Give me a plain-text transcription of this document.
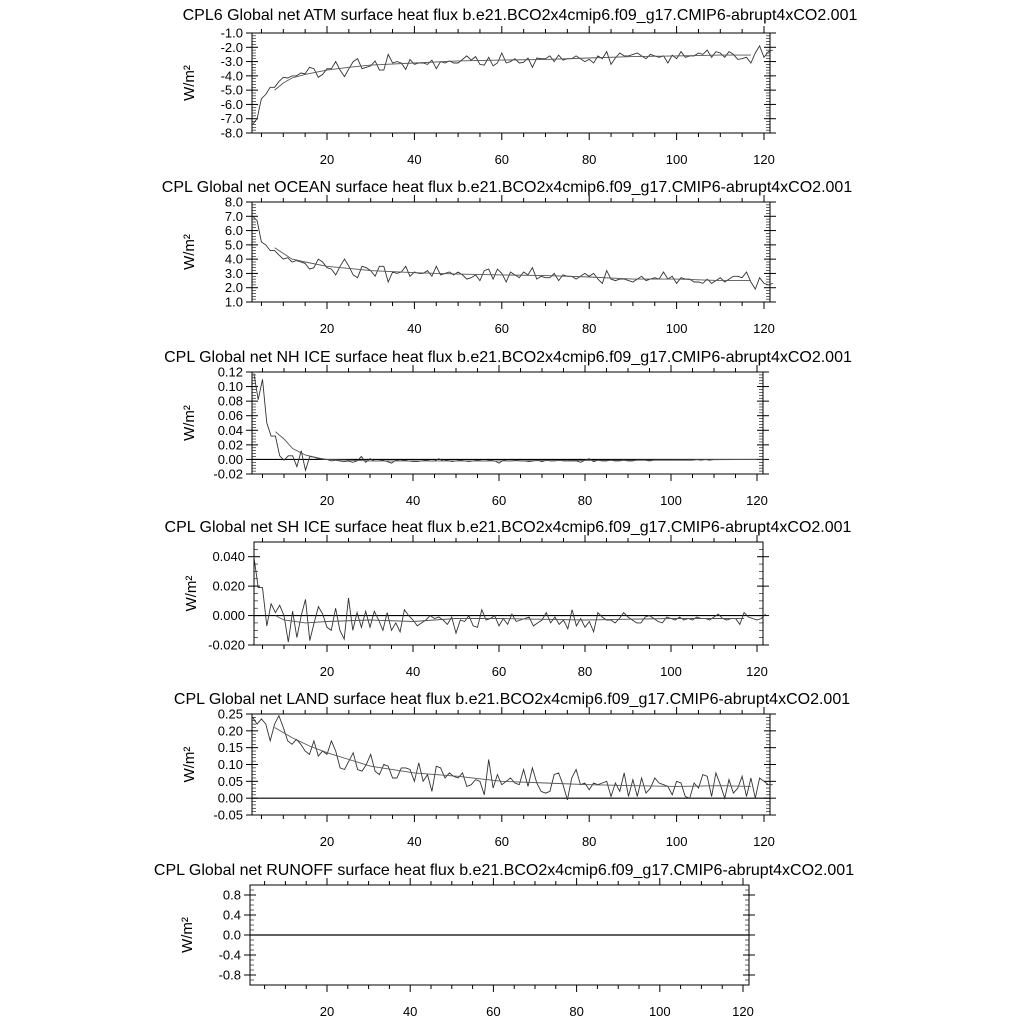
CPL6 Global net ATM surface heat flux b.e21.BCO2x4cmip6.f09_g17.CMIP6-abrupt4xCO2.001
W/m²
20	40	60	80	100	120
-1.0
-2.0
-3.0
-4.0
-5.0
-6.0
-7.0
-8.0
CPL Global net OCEAN surface heat flux b.e21.BCO2x4cmip6.f09_g17.CMIP6-abrupt4xCO2.001
W/m²
20	40	60	80	100	120
8.0
7.0
6.0
5.0
4.0
3.0
2.0
1.0
CPL Global net NH ICE surface heat flux b.e21.BCO2x4cmip6.f09_g17.CMIP6-abrupt4xCO2.001
W/m²
20	40	60	80	100	120
0.12
0.10
0.08
0.06
0.04
0.02
0.00
-0.02
CPL Global net SH ICE surface heat flux b.e21.BCO2x4cmip6.f09_g17.CMIP6-abrupt4xCO2.001
W/m²
20	40	60	80	100	120
0.040
0.020
0.000
-0.020
CPL Global net LAND surface heat flux b.e21.BCO2x4cmip6.f09_g17.CMIP6-abrupt4xCO2.001
W/m²
20	40	60	80	100	120
0.25
0.20
0.15
0.10
0.05
0.00
-0.05
CPL Global net RUNOFF surface heat flux b.e21.BCO2x4cmip6.f09_g17.CMIP6-abrupt4xCO2.001
W/m²
20	40	60	80	100	120
0.8
0.4
0.0
-0.4
-0.8
